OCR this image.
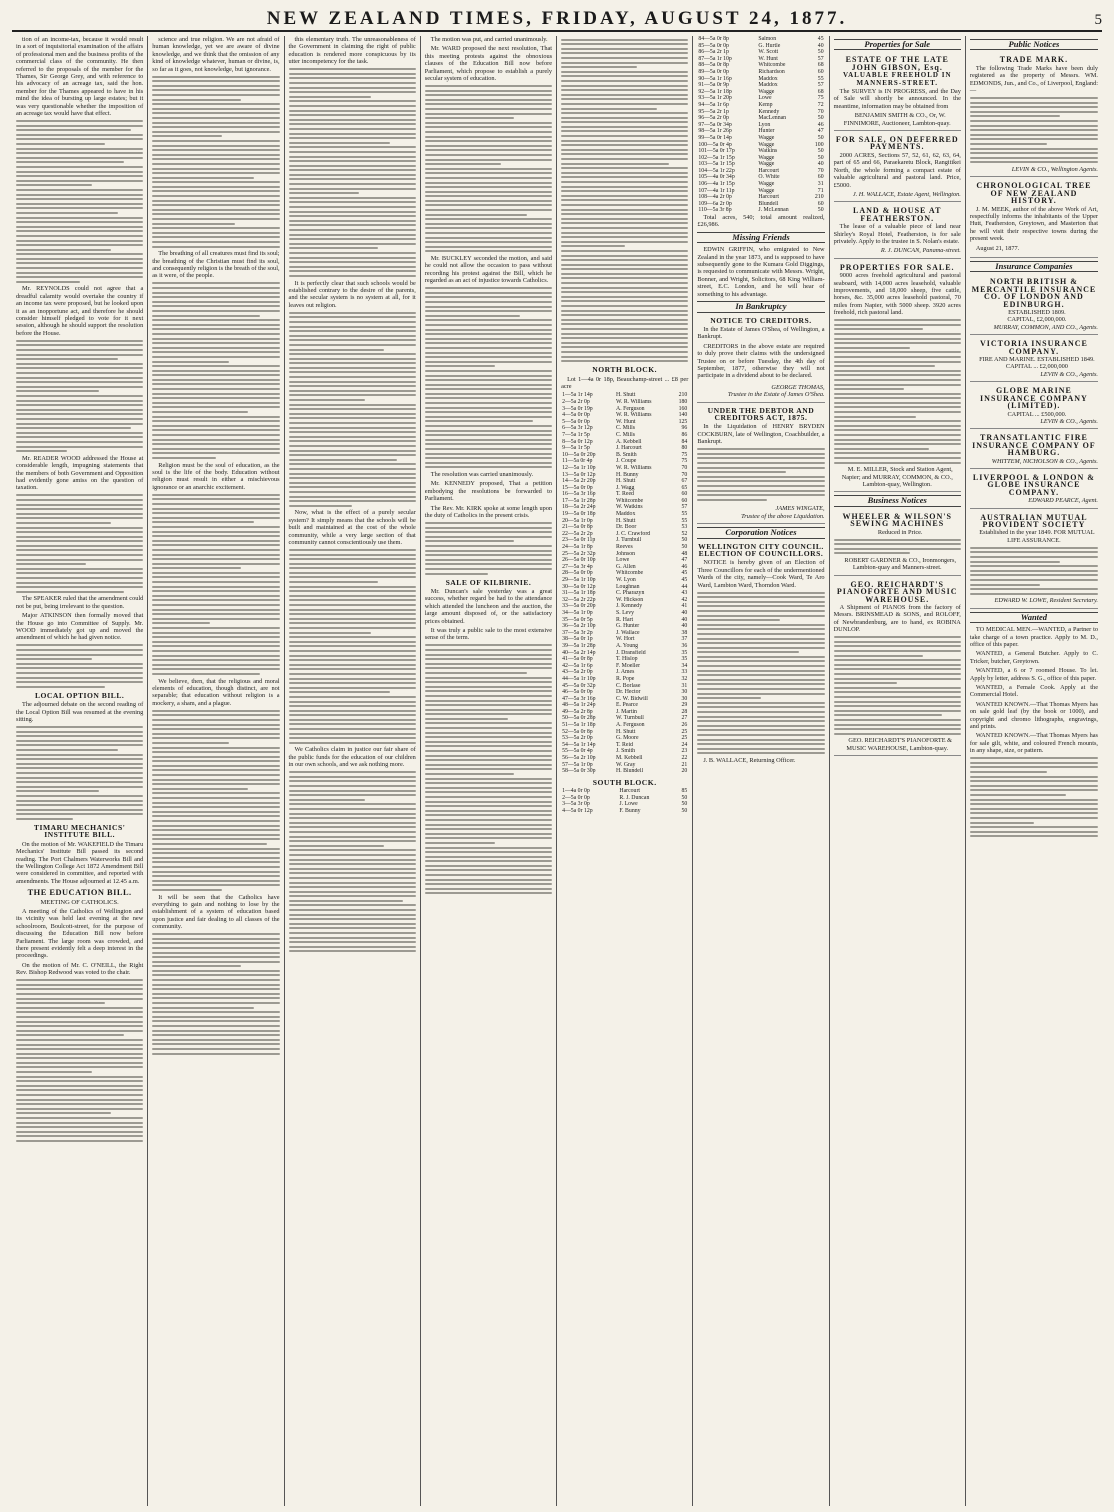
NEW ZEALAND TIMES, FRIDAY, AUGUST 24, 1877.	5

tion of an income-tax, because it would result in a sort of inquisitorial examination of the affairs of professional men and the business profits of the commercial class of the community. He then referred to the proposals of the member for the Thames, Sir George Grey, and with reference to his advocacy of an acreage tax, said the hon. member for the Thames appeared to have in his mind the idea of bursting up large estates; but it was very questionable whether the imposition of an acreage tax would have that effect.

Mr. REYNOLDS could not agree that a dreadful calamity would overtake the country if an income tax were proposed, but he looked upon it as an inopportune act, and therefore he should consider himself pledged to vote for it next session, although he should support the resolution before the House.

Mr. READER WOOD addressed the House at considerable length, impugning statements that the members of both Government and Opposition had evidently gone amiss on the question of taxation.

The SPEAKER ruled that the amendment could not be put, being irrelevant to the question.

Major ATKINSON then formally moved that the House go into Committee of Supply. Mr. WOOD immediately got up and moved the amendment of which he had given notice.

LOCAL OPTION BILL.

The adjourned debate on the second reading of the Local Option Bill was resumed at the evening sitting.

TIMARU MECHANICS' INSTITUTE BILL.

On the motion of Mr. WAKEFIELD the Timaru Mechanics' Institute Bill passed its second reading. The Port Chalmers Waterworks Bill and the Wellington College Act 1872 Amendment Bill were considered in committee, and reported with amendments. The House adjourned at 12.45 a.m.

THE EDUCATION BILL.
MEETING OF CATHOLICS.

A meeting of the Catholics of Wellington and its vicinity was held last evening at the new schoolroom, Boulcott-street, for the purpose of discussing the Education Bill now before Parliament. The large room was crowded, and there present evidently felt a deep interest in the proceedings.

On the motion of Mr. C. O'NEILL, the Right Rev. Bishop Redwood was voted to the chair.

science and true religion. We are not afraid of human knowledge, yet we are aware of divine knowledge, and we think that the omission of any kind of knowledge whatever, human or divine, is, so far as it goes, not knowledge, but ignorance.

The breathing of all creatures must find its soul; the breathing of the Christian must find its soul, and consequently religion is the breath of the soul, as it were, of the people.

Religion must be the soul of education, as the soul is the life of the body. Education without religion must result in either a mischievous ignorance or an anarchic excitement.

We believe, then, that the religious and moral elements of education, though distinct, are not separable; that education without religion is a mockery, a sham, and a plague.

It will be seen that the Catholics have everything to gain and nothing to lose by the establishment of a system of education based upon justice and fair dealing to all classes of the community.

this elementary truth. The unreasonableness of the Government in claiming the right of public education is rendered more conspicuous by its utter incompetency for the task.

It is perfectly clear that such schools would be established contrary to the desire of the parents, and the secular system is no system at all, for it leaves out religion.

Now, what is the effect of a purely secular system? It simply means that the schools will be built and maintained at the cost of the whole community, while a very large section of that community cannot conscientiously use them.

We Catholics claim in justice our fair share of the public funds for the education of our children in our own schools, and we ask nothing more.

The motion was put, and carried unanimously.

Mr. WARD proposed the next resolution, That this meeting protests against the obnoxious clauses of the Education Bill now before Parliament, which propose to establish a purely secular system of education.

Mr. BUCKLEY seconded the motion, and said he could not allow the occasion to pass without recording his protest against the Bill, which he regarded as an act of injustice towards Catholics.

The resolution was carried unanimously.

Mr. KENNEDY proposed, That a petition embodying the resolutions be forwarded to Parliament.

The Rev. Mr. KIRK spoke at some length upon the duty of Catholics in the present crisis.

SALE OF KILBIRNIE.

Mr. Duncan's sale yesterday was a great success, whether regard be had to the attendance which attended the luncheon and the auction, the large amount disposed of, or the satisfactory prices obtained.

It was truly a public sale to the most extensive sense of the term.

NORTH BLOCK.

Lot 1—4a 0r 18p, Beauchamp-street ... £8 per acre

1—5a 1r 14p	H. Shutt	210
2—5a 2r 0p	W. R. Williams	180
3—5a 0r 19p	A. Ferguson	160
4—5a 0r 0p	W. R. Williams	140
5—5a 0r 0p	W. Hunt	125
6—5a 3r 12p	C. Mills	96
7—5a 1r 5p	C. Mills	86
8—5a 0r 12p	A. Kebbell	84
9—5a 1r 5p	J. Harcourt	80
10—5a 0r 20p	B. Smith	75
11—5a 0r 4p	J. Coupe	75
12—5a 1r 10p	W. R. Williams	70
13—5a 0r 12p	H. Bunny	70
14—5a 2r 20p	H. Shutt	67
15—5a 0r 0p	J. Wagg	65
16—5a 3r 16p	T. Reed	60
17—5a 1r 28p	Whitcombe	60
18—5a 2r 24p	W. Watkins	57
19—5a 0r 18p	Maddox	55
20—5a 1r 0p	H. Shutt	55
21—5a 0r 8p	Dr. Boor	53
22—5a 2r 2p	J. C. Crawford	52
23—5a 0r 11p	J. Turnbull	50
24—5a 1r 8p	Reeves	50
25—5a 2r 32p	Johnson	48
26—5a 0r 10p	Lowe	47
27—5a 3r 4p	G. Allen	46
28—5a 0r 0p	Whitcombe	45
29—5a 1r 10p	W. Lyon	45
30—5a 0r 12p	Loughnan	44
31—5a 1r 18p	C. Pharazyn	43
32—5a 2r 22p	W. Hickson	42
33—5a 0r 20p	J. Kennedy	41
34—5a 1r 0p	S. Levy	40
35—5a 0r 5p	R. Hart	40
36—5a 2r 10p	G. Hunter	40
37—5a 3r 2p	J. Wallace	38
38—5a 0r 1p	W. Hort	37
39—5a 1r 28p	A. Young	36
40—5a 2r 14p	J. Dransfield	35
41—5a 0r 8p	T. Hislop	35
42—5a 1r 6p	F. Moeller	34
43—5a 2r 0p	J. Ames	33
44—5a 1r 10p	R. Pope	32
45—5a 0r 32p	C. Borlase	31
46—5a 0r 0p	Dr. Hector	30
47—5a 3r 16p	C. W. Bidwill	30
48—5a 1r 24p	E. Pearce	29
49—5a 2r 8p	J. Martin	28
50—5a 0r 28p	W. Turnbull	27
51—5a 1r 18p	A. Ferguson	26
52—5a 0r 8p	H. Shutt	25
53—5a 2r 0p	G. Moore	25
54—5a 1r 14p	T. Reid	24
55—5a 0r 4p	J. Smith	23
56—5a 2r 10p	M. Kebbell	22
57—5a 1r 0p	W. Gray	21
58—5a 0r 30p	H. Blundell	20
SOUTH BLOCK.
1—4a 0r 0p	Harcourt	85
2—5a 0r 0p	R. J. Duncan	50
3—5a 3r 0p	J. Lowe	50
4—5a 0r 12p	F. Bunny	50
84—5a 0r 8p	Salmon	45
85—5a 0r 0p	G. Hurtle	40
86—5a 2r 1p	W. Scott	50
87—5a 1r 10p	W. Hunt	57
88—5a 0r 8p	Whitcombe	68
89—5a 0r 0p	Richardson	60
90—5a 1r 16p	Maddox	55
91—5a 0r 9p	Maddox	57
92—5a 1r 18p	Wagge	68
93—5a 1r 20p	Lowe	75
94—5a 1r 6p	Kemp	72
95—5a 2r 1p	Kennedy	70
96—5a 2r 0p	MacLennan	50
97—5a 0r 34p	Lyon	46
98—5a 1r 26p	Hunter	47
99—5a 0r 14p	Wagge	50
100—5a 0r 4p	Wagge	100
101—5a 0r 17p	Watkins	50
102—5a 1r 15p	Wagge	50
103—5a 1r 15p	Wagge	40
104—5a 1r 22p	Harcourt	70
105—4a 0r 34p	O. White	60
106—4a 1r 15p	Wagge	31
107—4a 1r 11p	Wagge	71
108—4a 2r 0p	Harcourt	210
109—6a 2r 0p	Blundell	60
110—5a 3r 8p	J. McLennan	50

Total acres, 540; total amount realized, £26,986.

Missing Friends

EDWIN GRIFFIN, who emigrated to New Zealand in the year 1873, and is supposed to have subsequently gone to the Kumara Gold Diggings, is requested to communicate with Messrs. Wright, Bonner, and Wright, Solicitors, 68 King William-street, E.C. London, and he will hear of something to his advantage.

In Bankruptcy
NOTICE TO CREDITORS.

In the Estate of James O'Shea, of Wellington, a Bankrupt.

CREDITORS in the above estate are required to duly prove their claims with the undersigned Trustee on or before Tuesday, the 4th day of September, 1877, otherwise they will not participate in a dividend about to be declared.

GEORGE THOMAS,

Trustee in the Estate of James O'Shea.

UNDER THE DEBTOR AND CREDITORS ACT, 1875.

In the Liquidation of HENRY BRYDEN COCKBURN, late of Wellington, Coachbuilder, a Bankrupt.

JAMES WINGATE,

Trustee of the above Liquidation.

Corporation Notices
WELLINGTON CITY COUNCIL. ELECTION OF COUNCILLORS.

NOTICE is hereby given of an Election of Three Councillors for each of the undermentioned Wards of the city, namely—Cook Ward, Te Aro Ward, Lambton Ward, Thorndon Ward.

J. B. WALLACE, Returning Officer.

Properties for Sale
ESTATE OF THE LATE JOHN GIBSON, Esq.
VALUABLE FREEHOLD IN MANNERS-STREET.

The SURVEY is IN PROGRESS, and the Day of Sale will shortly be announced. In the meantime, information may be obtained from

BENJAMIN SMITH & CO., Or, W. FINNIMORE, Auctioneer, Lambton-quay.

FOR SALE, ON DEFERRED PAYMENTS.

2000 ACRES, Sections 57, 52, 61, 62, 63, 64, part of 65 and 66, Paraekaretu Block, Rangitikei North, the whole forming a compact estate of valuable agricultural and pastoral land. Price, £5000.

J. H. WALLACE, Estate Agent, Wellington.

LAND & HOUSE AT FEATHERSTON.

The lease of a valuable piece of land near Shirley's Royal Hotel, Featherston, is for sale privately. Apply to the trustee in S. Nolan's estate.

R. J. DUNCAN, Panama-street.

PROPERTIES FOR SALE.

9000 acres freehold agricultural and pastoral seaboard, with 14,000 acres leasehold, valuable improvements, and 18,000 sheep, five cattle, horses, &c. 35,000 acres leasehold pastoral, 70 miles from Napier, with 5000 sheep. 3920 acres freehold, rich pastoral land.

M. E. MILLER, Stock and Station Agent, Napier; and MURRAY, COMMON, & CO., Lambton-quay, Wellington.

Business Notices
WHEELER & WILSON'S SEWING MACHINES

Reduced in Price.

ROBERT GARDNER & CO., Ironmongers, Lambton-quay and Manners-street.

GEO. REICHARDT'S PIANOFORTE AND MUSIC WAREHOUSE.

A Shipment of PIANOS from the factory of Messrs. BRINSMEAD & SONS, and ROLOFF, of Newbrandenburg, are to hand, ex ROBINA DUNLOP.

GEO. REICHARDT'S PIANOFORTE & MUSIC WAREHOUSE, Lambton-quay.

Public Notices
TRADE MARK.

The following Trade Marks have been duly registered as the property of Messrs. WM. EDMONDS, Jun., and Co., of Liverpool, England:—

LEVIN & CO., Wellington Agents.

CHRONOLOGICAL TREE OF NEW ZEALAND HISTORY.

J. M. MEEK, author of the above Work of Art, respectfully informs the inhabitants of the Upper Hutt, Featherston, Greytown, and Masterton that he will visit their respective towns during the present week.

August 21, 1877.

Insurance Companies
NORTH BRITISH & MERCANTILE INSURANCE CO. OF LONDON AND EDINBURGH.

ESTABLISHED 1809.

CAPITAL, £2,000,000.

MURRAY, COMMON, AND CO., Agents.

VICTORIA INSURANCE COMPANY.

FIRE AND MARINE. ESTABLISHED 1849.

CAPITAL ... £2,000,000

LEVIN & CO., Agents.

GLOBE MARINE INSURANCE COMPANY (LIMITED).

CAPITAL ... £500,000.

LEVIN & CO., Agents.

TRANSATLANTIC FIRE INSURANCE COMPANY OF HAMBURG.

WHITTEM, NICHOLSON & CO., Agents.

LIVERPOOL & LONDON & GLOBE INSURANCE COMPANY.

EDWARD PEARCE, Agent.

AUSTRALIAN MUTUAL PROVIDENT SOCIETY

Established in the year 1849. FOR MUTUAL LIFE ASSURANCE.

EDWARD W. LOWE, Resident Secretary.

Wanted

TO MEDICAL MEN.—WANTED, a Partner to take charge of a town practice. Apply to M. D., office of this paper.

WANTED, a General Butcher. Apply to C. Tricker, butcher, Greytown.

WANTED, a 6 or 7 roomed House. To let. Apply by letter, address S. G., office of this paper.

WANTED, a Female Cook. Apply at the Commercial Hotel.

WANTED KNOWN.—That Thomas Myers has on sale gold leaf (by the book or 1000), and copyright and chromo lithographs, engravings, and prints.

WANTED KNOWN.—That Thomas Myers has for sale gilt, white, and coloured French mounts, in any shape, size, or pattern.
